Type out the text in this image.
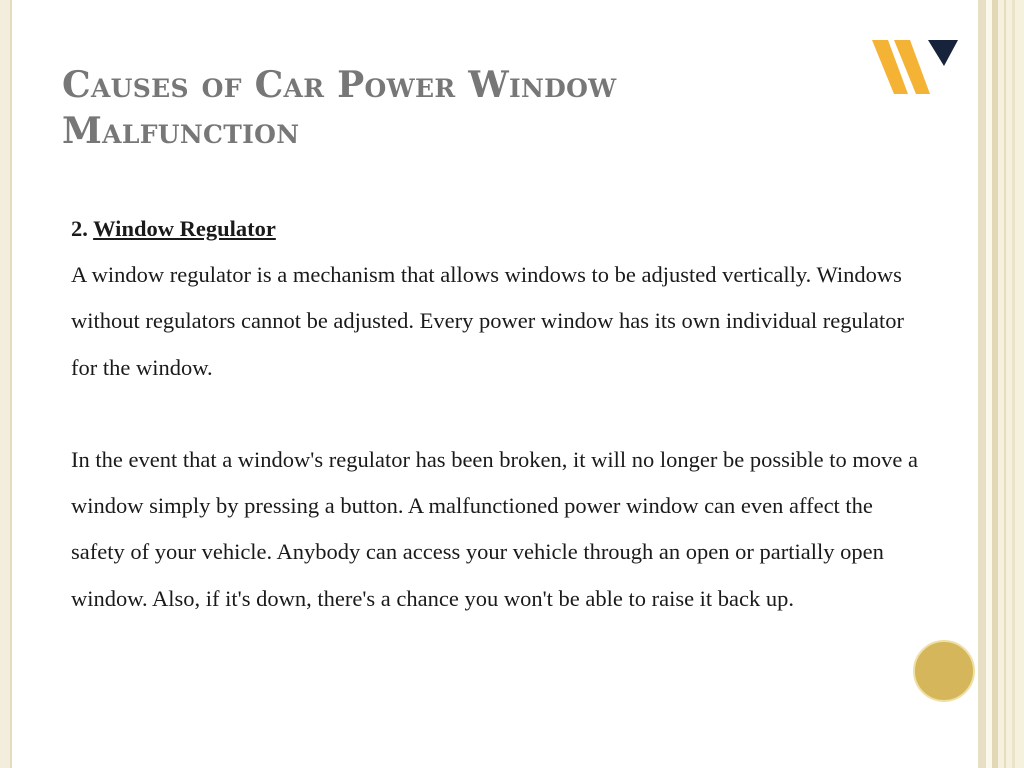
Causes of Car Power Window Malfunction
2. Window Regulator

A window regulator is a mechanism that allows windows to be adjusted vertically. Windows without regulators cannot be adjusted. Every power window has its own individual regulator for the window.

In the event that a window's regulator has been broken, it will no longer be possible to move a window simply by pressing a button. A malfunctioned power window can even affect the safety of your vehicle. Anybody can access your vehicle through an open or partially open window. Also, if it's down, there's a chance you won't be able to raise it back up.
